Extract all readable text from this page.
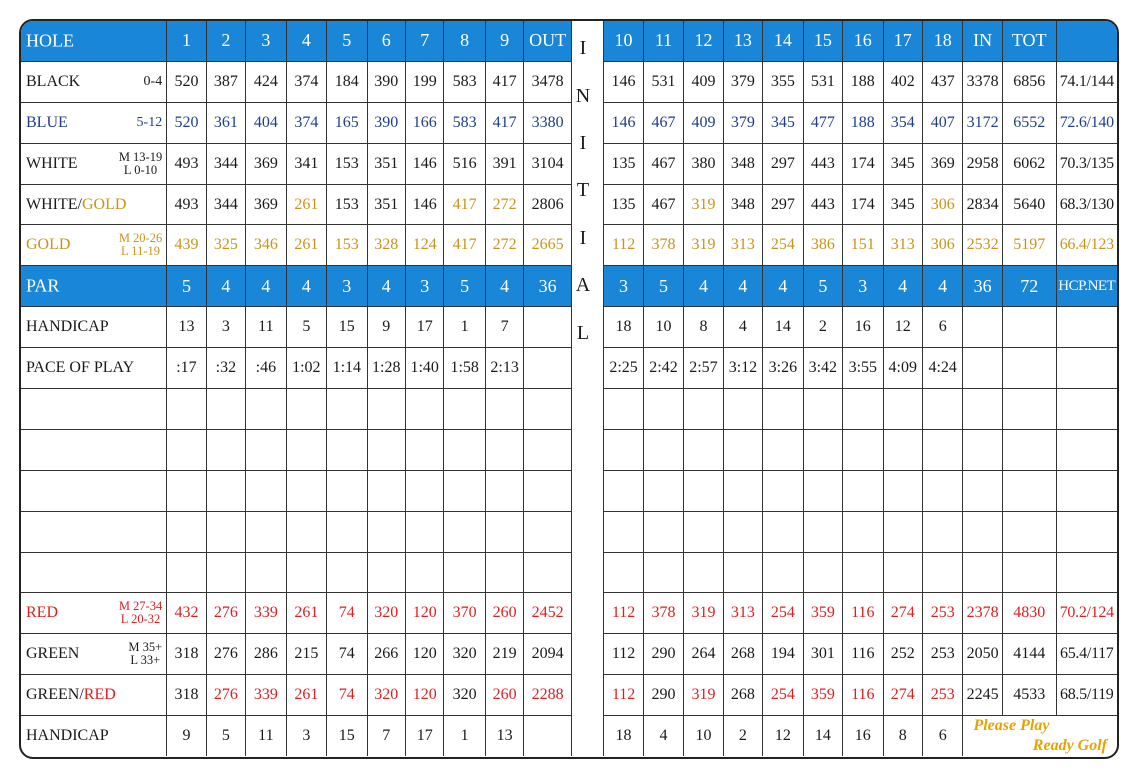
HOLE	1	2	3	4	5	6	7	8	9	OUT		10	11	12	13	14	15	16	17	18	IN	TOT	

BLACK 0-4	520	387	424	374	184	390	199	583	417	3478		146	531	409	379	355	531	188	402	437	3378	6856	74.1/144

BLUE 5-12	520	361	404	374	165	390	166	583	417	3380		146	467	409	379	345	477	188	354	407	3172	6552	72.6/140

WHITE M 13-19
L 0-10	493	344	369	341	153	351	146	516	391	3104		135	467	380	348	297	443	174	345	369	2958	6062	70.3/135

WHITE/GOLD	493	344	369	261	153	351	146	417	272	2806		135	467	319	348	297	443	174	345	306	2834	5640	68.3/130

GOLD M 20-26
L 11-19	439	325	346	261	153	328	124	417	272	2665		112	378	319	313	254	386	151	313	306	2532	5197	66.4/123

PAR	5	4	4	4	3	4	3	5	4	36		3	5	4	4	4	5	3	4	4	36	72	HCP.NET

HANDICAP	13	3	11	5	15	9	17	1	7			18	10	8	4	14	2	16	12	6			

PACE OF PLAY	:17	:32	:46	1:02	1:14	1:28	1:40	1:58	2:13			2:25	2:42	2:57	3:12	3:26	3:42	3:55	4:09	4:24			

RED M 27-34
L 20-32	432	276	339	261	74	320	120	370	260	2452		112	378	319	313	254	359	116	274	253	2378	4830	70.2/124

GREEN M 35+
L 33+	318	276	286	215	74	266	120	320	219	2094		112	290	264	268	194	301	116	252	253	2050	4144	65.4/117

GREEN/RED	318	276	339	261	74	320	120	320	260	2288		112	290	319	268	254	359	116	274	253	2245	4533	68.5/119

HANDICAP	9	5	11	3	15	7	17	1	13			18	4	10	2	12	14	16	8	6	Please Play
Ready Golf		
I
N
I
T
I
A
L
